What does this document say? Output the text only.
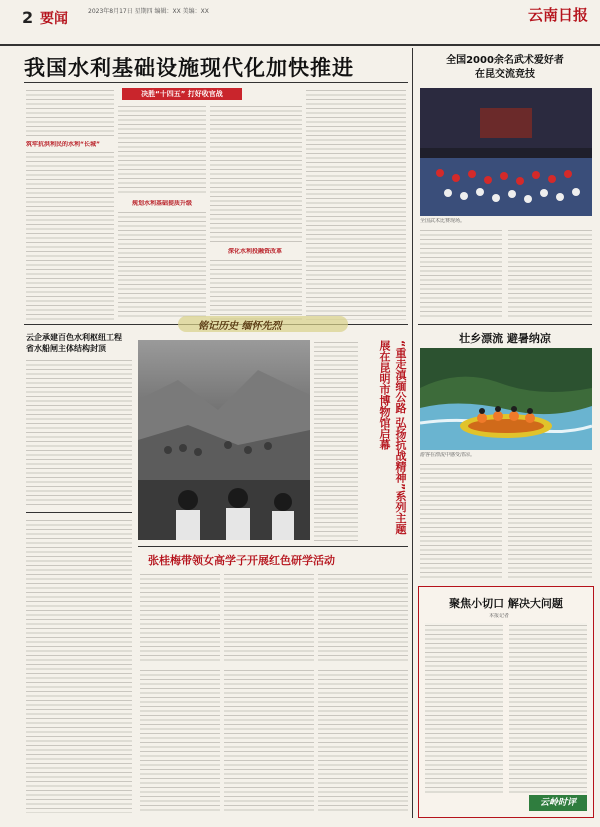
2 要闻	2023年8月17日 星期四 编辑：XX 美编：XX	云南日报
我国水利基础设施现代化加快推进
筑牢抗洪利民的水利“长城”
决胜“十四五” 打好收官战
规划水利基础提质升级
深化水利投融资改革
云企承建百色水利枢纽工程
省水船闸主体结构封顶
铭记历史 缅怀先烈
“重走滇缅公路 弘扬抗战精神”系列主题展在昆明市博物馆启幕
张桂梅带领女高学子开展红色研学活动
全国2000余名武术爱好者
在昆交流竞技
全国武术比赛现场。
壮乡漂流 避暑纳凉
游客在漂流中感受清凉。
聚焦小切口 解决大问题
本报记者
云岭时评
